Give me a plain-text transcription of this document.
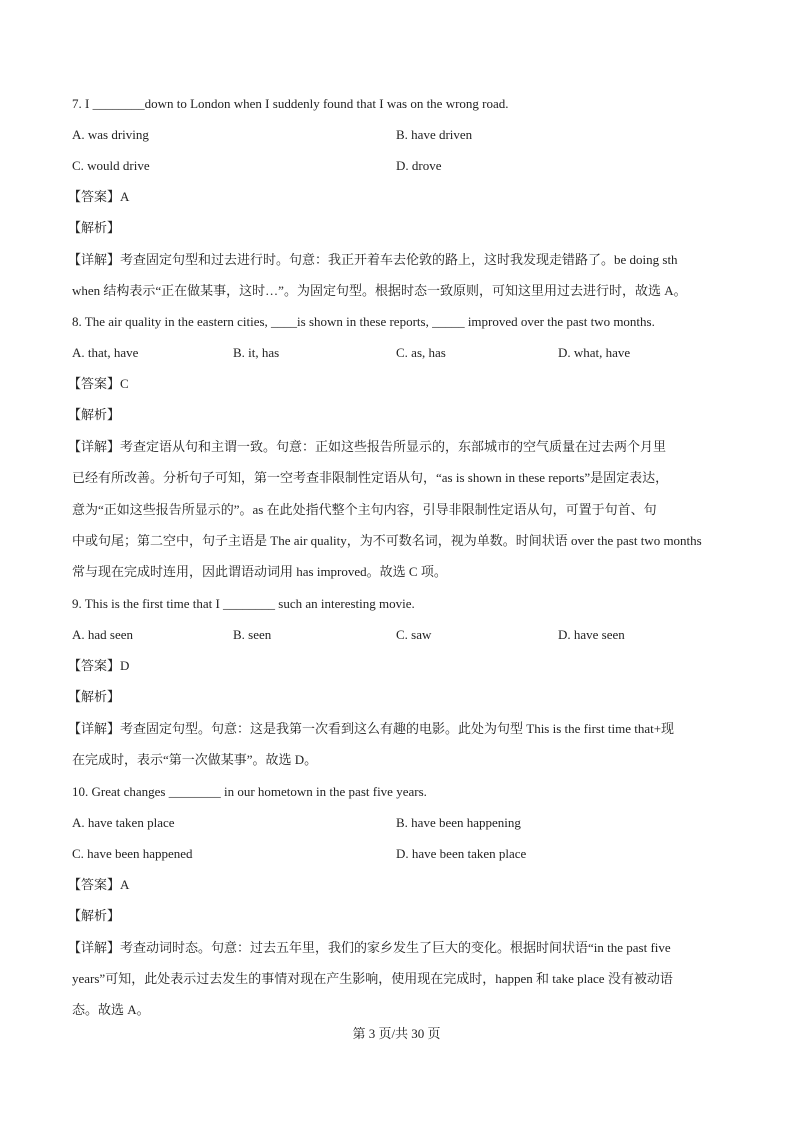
7. I ________down to London when I suddenly found that I was on the wrong road.
A. was driving	B. have driven
C. would drive	D. drove
【答案】A
【解析】
【详解】考查固定句型和过去进行时。句意：我正开着车去伦敦的路上，这时我发现走错路了。be doing sth
when 结构表示“正在做某事，这时…”。为固定句型。根据时态一致原则，可知这里用过去进行时，故选 A。
8. The air quality in the eastern cities, ____is shown in these reports, _____ improved over the past two months.
A. that, have	B. it, has	C. as, has	D. what, have
【答案】C
【解析】
【详解】考查定语从句和主谓一致。句意：正如这些报告所显示的，东部城市的空气质量在过去两个月里
已经有所改善。分析句子可知，第一空考查非限制性定语从句，“as is shown in these reports”是固定表达，
意为“正如这些报告所显示的”。as 在此处指代整个主句内容，引导非限制性定语从句，可置于句首、句
中或句尾；第二空中，句子主语是 The air quality，为不可数名词，视为单数。时间状语 over the past two months
常与现在完成时连用，因此谓语动词用 has improved。故选 C 项。
9. This is the first time that I ________ such an interesting movie.
A. had seen	B. seen	C. saw	D. have seen
【答案】D
【解析】
【详解】考查固定句型。句意：这是我第一次看到这么有趣的电影。此处为句型 This is the first time that+现
在完成时，表示“第一次做某事”。故选 D。
10. Great changes ________ in our hometown in the past five years.
A. have taken place	B. have been happening
C. have been happened	D. have been taken place
【答案】A
【解析】
【详解】考查动词时态。句意：过去五年里，我们的家乡发生了巨大的变化。根据时间状语“in the past five
years”可知，此处表示过去发生的事情对现在产生影响，使用现在完成时，happen 和 take place 没有被动语
态。故选 A。
第 3 页/共 30 页
